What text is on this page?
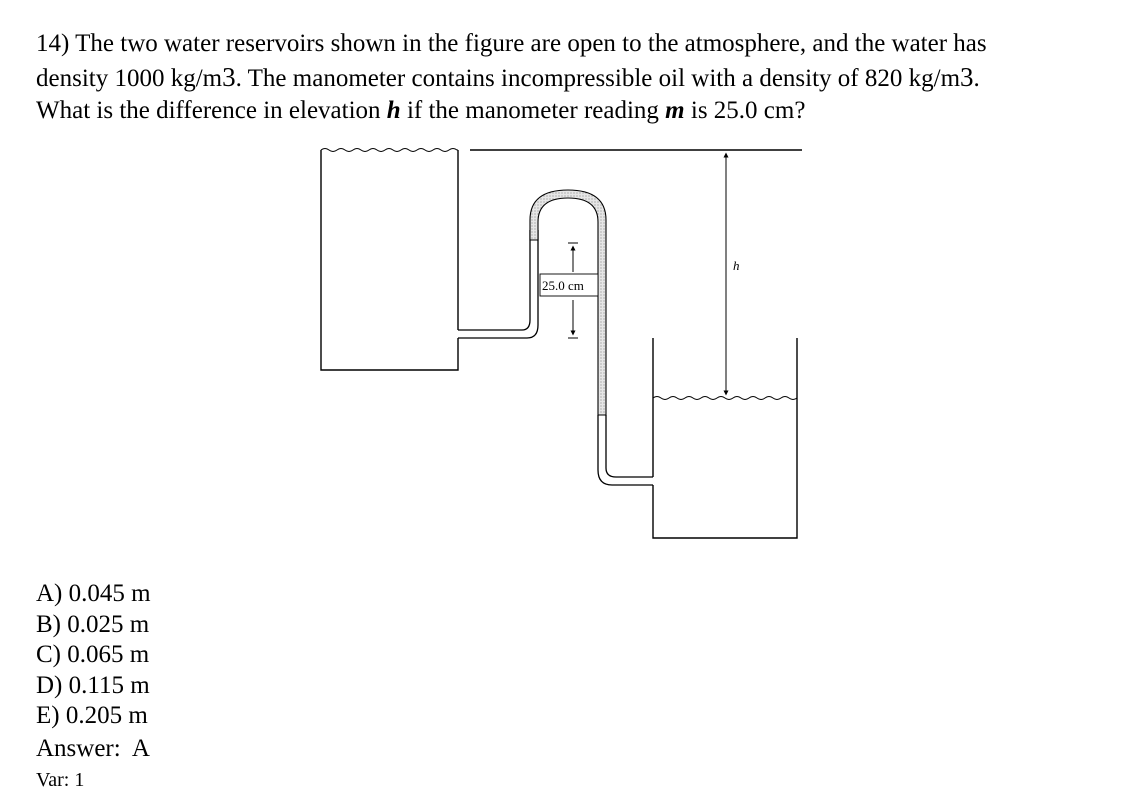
14) The two water reservoirs shown in the figure are open to the atmosphere, and the water has
density 1000 kg/m3. The manometer contains incompressible oil with a density of 820 kg/m3.
What is the difference in elevation h if the manometer reading m is 25.0 cm?
h
25.0 cm
A) 0.045 m
B) 0.025 m
C) 0.065 m
D) 0.115 m
E) 0.205 m
Answer: A
Var: 1
